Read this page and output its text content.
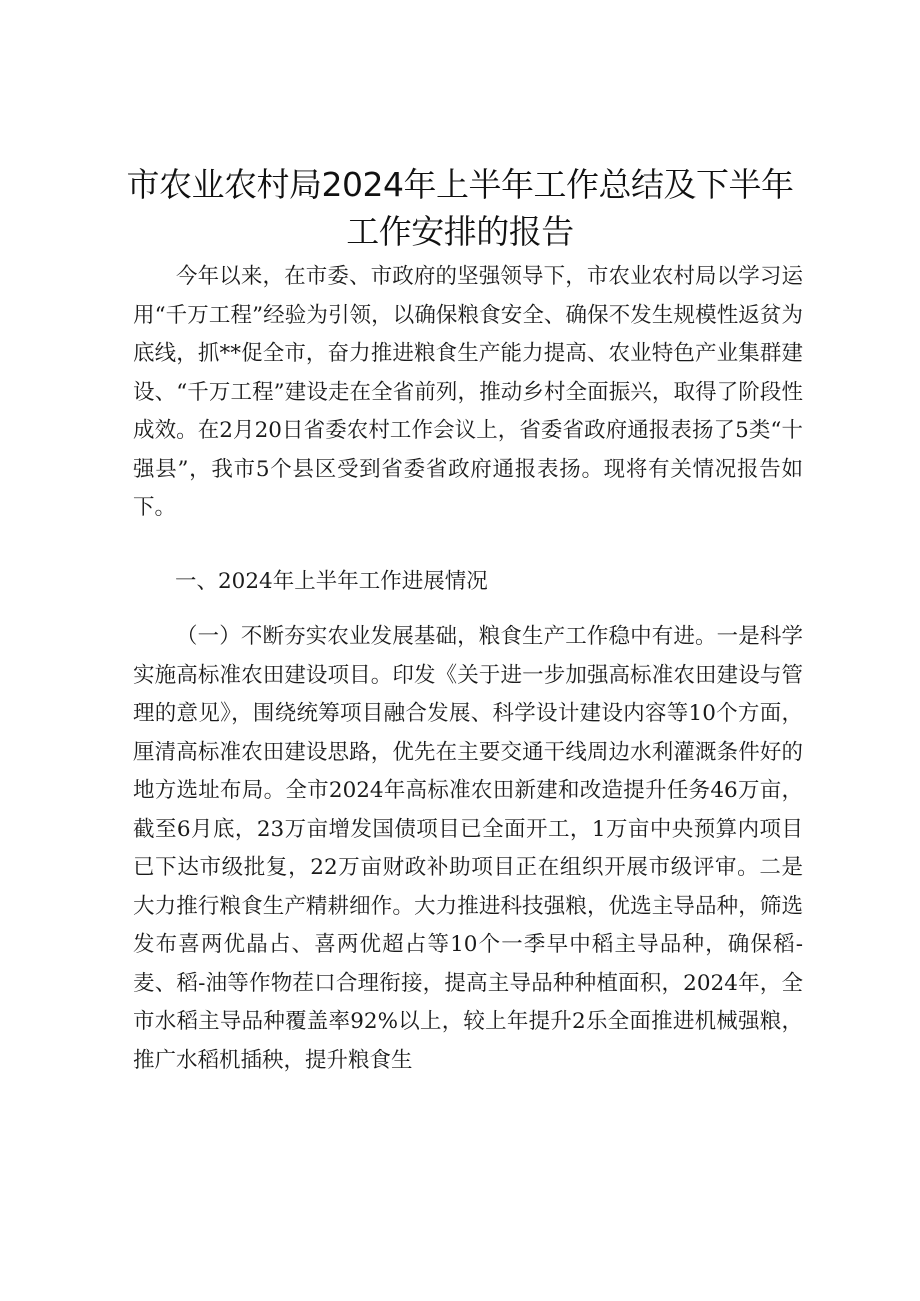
市农业农村局2024年上半年工作总结及下半年
工作安排的报告

今年以来，在市委、市政府的坚强领导下，市农业农村局以学习运用“千万工程”经验为引领，以确保粮食安全、确保不发生规模性返贫为底线，抓**促全市，奋力推进粮食生产能力提高、农业特色产业集群建设、“千万工程”建设走在全省前列，推动乡村全面振兴，取得了阶段性成效。在2月20日省委农村工作会议上，省委省政府通报表扬了5类“十强县”，我市5个县区受到省委省政府通报表扬。现将有关情况报告如下。

一、2024年上半年工作进展情况

（一）不断夯实农业发展基础，粮食生产工作稳中有进。一是科学实施高标准农田建设项目。印发《关于进一步加强高标准农田建设与管理的意见》，围绕统筹项目融合发展、科学设计建设内容等10个方面，厘清高标准农田建设思路，优先在主要交通干线周边水利灌溉条件好的地方选址布局。全市2024年高标准农田新建和改造提升任务46万亩，截至6月底，23万亩增发国债项目已全面开工，1万亩中央预算内项目已下达市级批复，22万亩财政补助项目正在组织开展市级评审。二是大力推行粮食生产精耕细作。大力推进科技强粮，优选主导品种，筛选发布喜两优晶占、喜两优超占等10个一季早中稻主导品种，确保稻-麦、稻-油等作物茬口合理衔接，提高主导品种种植面积，2024年，全市水稻主导品种覆盖率92%以上，较上年提升2乐全面推进机械强粮，推广水稻机插秧，提升粮食生
